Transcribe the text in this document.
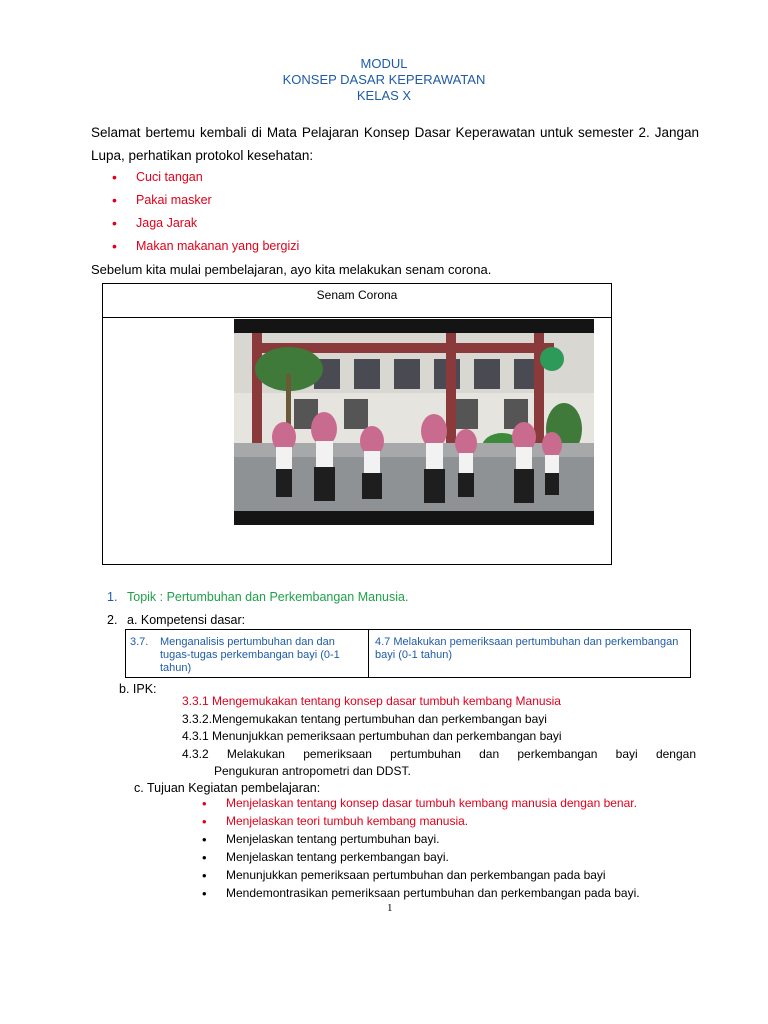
MODUL
KONSEP DASAR KEPERAWATAN
KELAS X
Selamat bertemu kembali di Mata Pelajaran Konsep Dasar Keperawatan untuk semester 2. Jangan Lupa, perhatikan protokol kesehatan:
• Cuci tangan
• Pakai masker
• Jaga Jarak
• Makan makanan yang bergizi
Sebelum kita mulai pembelajaran, ayo kita melakukan senam corona.
Senam Corona
1. Topik : Pertumbuhan dan Perkembangan Manusia.
2. a. Kompetensi dasar:
3.7.	Menganalisis pertumbuhan dan dan tugas-tugas perkembangan bayi (0-1 tahun)
4.7 Melakukan pemeriksaan pertumbuhan dan perkembangan bayi (0-1 tahun)
b. IPK:
3.3.1 Mengemukakan tentang konsep dasar tumbuh kembang Manusia
3.3.2.Mengemukakan tentang pertumbuhan dan perkembangan bayi
4.3.1 Menunjukkan pemeriksaan pertumbuhan dan perkembangan bayi
4.3.2 Melakukan pemeriksaan pertumbuhan dan perkembangan bayi dengan
Pengukuran antropometri dan DDST.
c. Tujuan Kegiatan pembelajaran:
• Menjelaskan tentang konsep dasar tumbuh kembang manusia dengan benar.
• Menjelaskan teori tumbuh kembang manusia.
• Menjelaskan tentang pertumbuhan bayi.
• Menjelaskan tentang perkembangan bayi.
• Menunjukkan pemeriksaan pertumbuhan dan perkembangan pada bayi
• Mendemontrasikan pemeriksaan pertumbuhan dan perkembangan pada bayi.
1
